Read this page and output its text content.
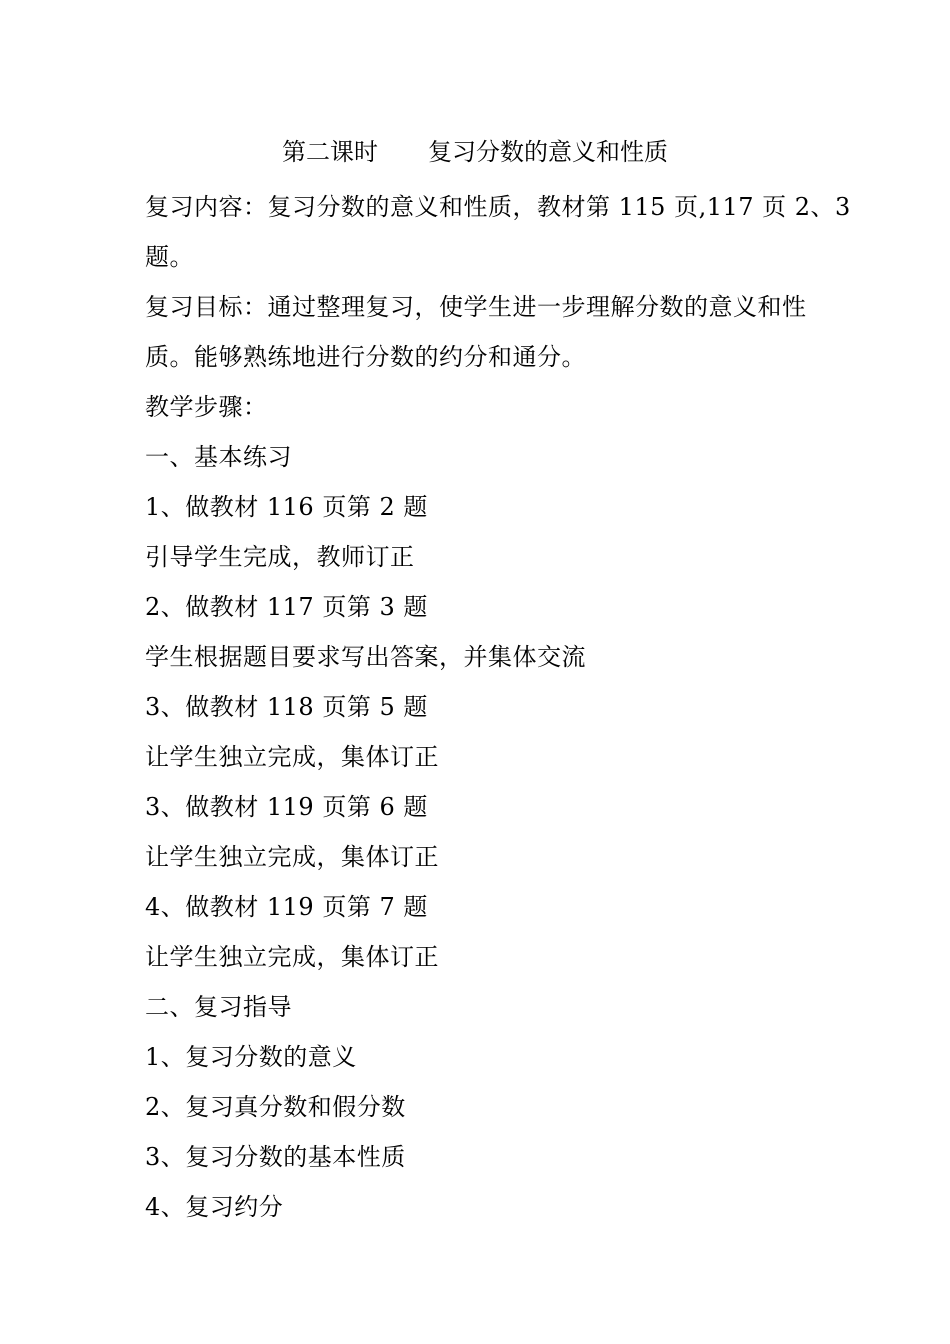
第二课时 复习分数的意义和性质
复习内容：复习分数的意义和性质，教材第 115 页,117 页 2、3
题。
复习目标：通过整理复习，使学生进一步理解分数的意义和性
质。能够熟练地进行分数的约分和通分。
教学步骤：
一、基本练习
1、做教材 116 页第 2 题
引导学生完成，教师订正
2、做教材 117 页第 3 题
学生根据题目要求写出答案，并集体交流
3、做教材 118 页第 5 题
让学生独立完成，集体订正
3、做教材 119 页第 6 题
让学生独立完成，集体订正
4、做教材 119 页第 7 题
让学生独立完成，集体订正
二、复习指导
1、复习分数的意义
2、复习真分数和假分数
3、复习分数的基本性质
4、复习约分
